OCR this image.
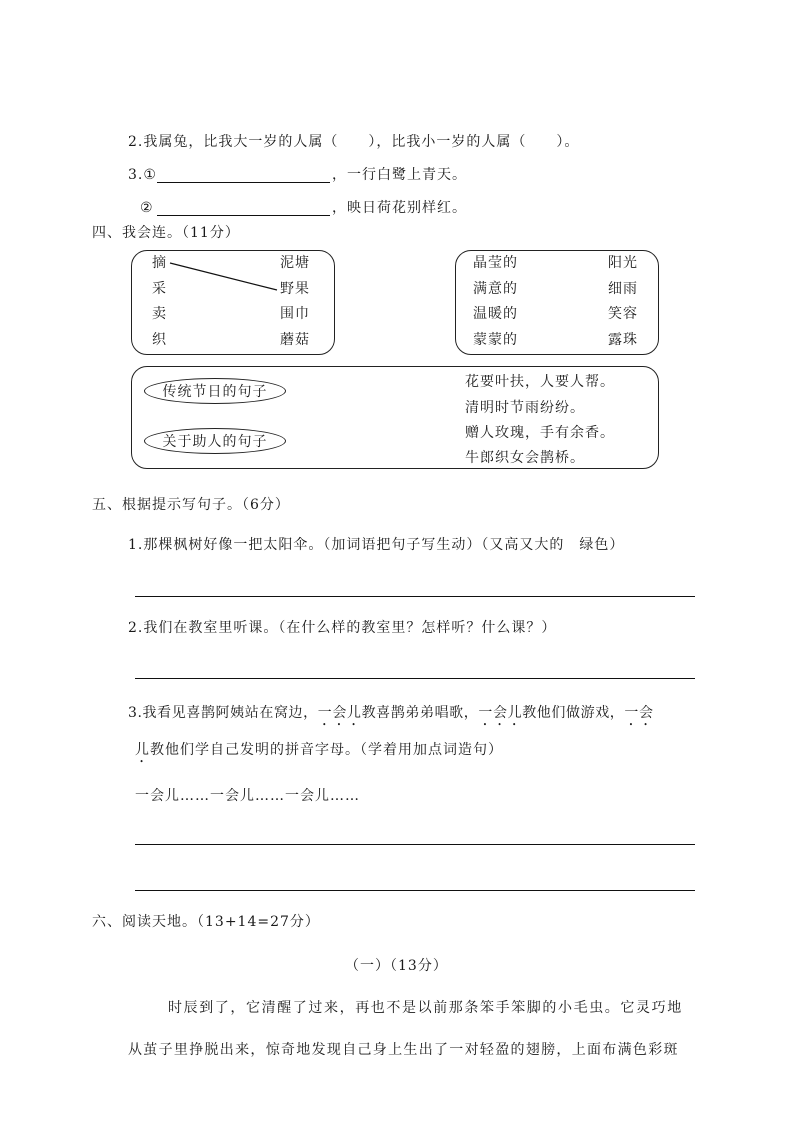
2.我属兔，比我大一岁的人属（　　），比我小一岁的人属（　　）。
3.①	，一行白鹭上青天。
②	，映日荷花别样红。
四、我会连。（11分）
摘
采
卖
织
泥塘
野果
围巾
蘑菇
晶莹的
满意的
温暖的
蒙蒙的
阳光
细雨
笑容
露珠
传统节日的句子
关于助人的句子
花要叶扶，人要人帮。
清明时节雨纷纷。
赠人玫瑰，手有余香。
牛郎织女会鹊桥。
五、根据提示写句子。（6分）
1.那棵枫树好像一把太阳伞。（加词语把句子写生动）（又高又大的　绿色）
2.我们在教室里听课。（在什么样的教室里？怎样听？什么课？）
3.我看见喜鹊阿姨站在窝边，一会儿教喜鹊弟弟唱歌，一会儿教他们做游戏，一会
儿教他们学自己发明的拼音字母。（学着用加点词造句）
一会儿……一会儿……一会儿……
六、阅读天地。（13+14=27分）
（一）（13分）
时辰到了，它清醒了过来，再也不是以前那条笨手笨脚的小毛虫。它灵巧地
从茧子里挣脱出来，惊奇地发现自己身上生出了一对轻盈的翅膀，上面布满色彩斑
